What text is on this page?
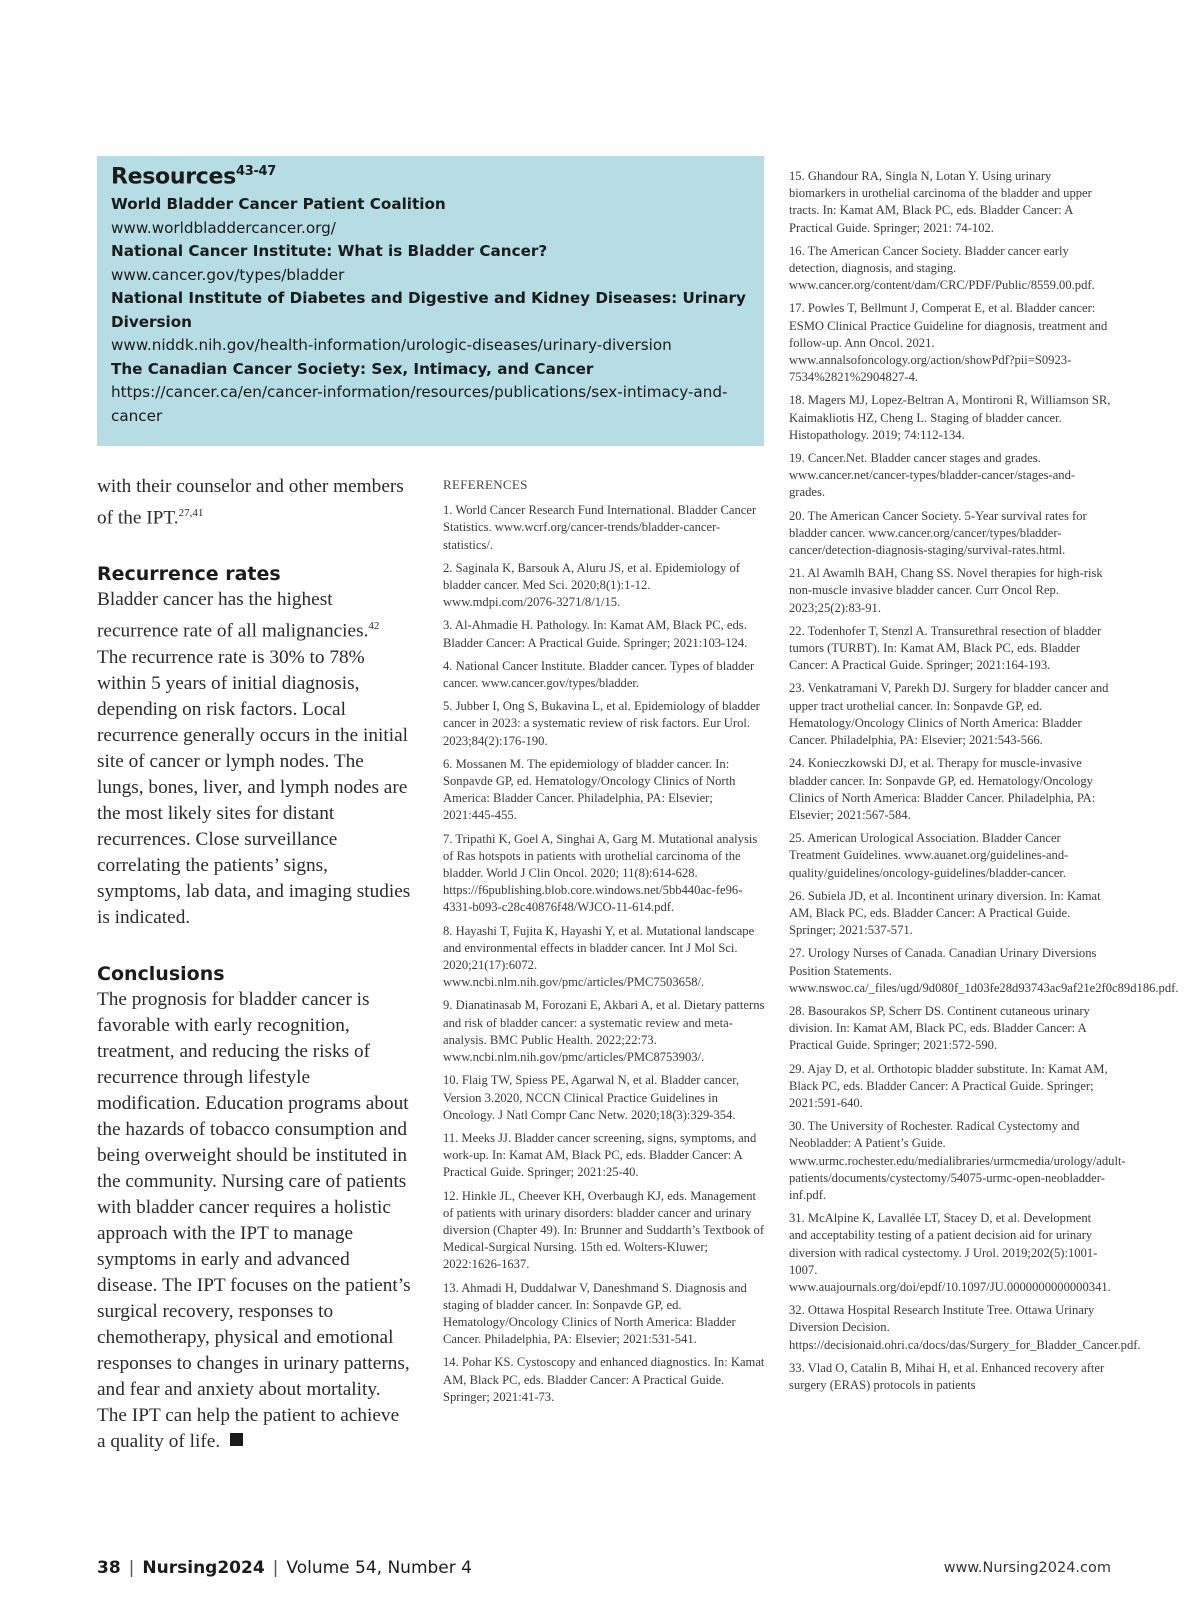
Resources$^{43-47}$
World Bladder Cancer Patient Coalition
www.worldbladdercancer.org/
National Cancer Institute: What is Bladder Cancer?
www.cancer.gov/types/bladder
National Institute of Diabetes and Digestive and Kidney Diseases: Urinary Diversion
www.niddk.nih.gov/health-information/urologic-diseases/urinary-diversion
The Canadian Cancer Society: Sex, Intimacy, and Cancer
https://cancer.ca/en/cancer-information/resources/publications/sex-intimacy-and-cancer

with their counselor and other members of the IPT.$^{27,41}$

Recurrence rates

Bladder cancer has the highest recurrence rate of all malignancies.$^{42}$ The recurrence rate is 30% to 78% within 5 years of initial diagnosis, depending on risk factors. Local recurrence generally occurs in the initial site of cancer or lymph nodes. The lungs, bones, liver, and lymph nodes are the most likely sites for distant recurrences. Close surveillance correlating the patients’ signs, symptoms, lab data, and imaging studies is indicated.

Conclusions

The prognosis for bladder cancer is favorable with early recognition, treatment, and reducing the risks of recurrence through lifestyle modification. Education programs about the hazards of tobacco consumption and being overweight should be instituted in the community. Nursing care of patients with bladder cancer requires a holistic approach with the IPT to manage symptoms in early and advanced disease. The IPT focuses on the patient’s surgical recovery, responses to chemotherapy, physical and emotional responses to changes in urinary patterns, and fear and anxiety about mortality. The IPT can help the patient to achieve a quality of life.

REFERENCES

1. World Cancer Research Fund International. Bladder Cancer Statistics. www.wcrf.org/cancer-trends/bladder-cancer-statistics/.

2. Saginala K, Barsouk A, Aluru JS, et al. Epidemiology of bladder cancer. Med Sci. 2020;8(1):1-12. www.mdpi.com/2076-3271/8/1/15.

3. Al-Ahmadie H. Pathology. In: Kamat AM, Black PC, eds. Bladder Cancer: A Practical Guide. Springer; 2021:103-124.

4. National Cancer Institute. Bladder cancer. Types of bladder cancer. www.cancer.gov/types/bladder.

5. Jubber I, Ong S, Bukavina L, et al. Epidemiology of bladder cancer in 2023: a systematic review of risk factors. Eur Urol. 2023;84(2):176-190.

6. Mossanen M. The epidemiology of bladder cancer. In: Sonpavde GP, ed. Hematology/Oncology Clinics of North America: Bladder Cancer. Philadelphia, PA: Elsevier; 2021:445-455.

7. Tripathi K, Goel A, Singhai A, Garg M. Mutational analysis of Ras hotspots in patients with urothelial carcinoma of the bladder. World J Clin Oncol. 2020; 11(8):614-628. https://f6publishing.blob.core.windows.net/5bb440ac-fe96-4331-b093-c28c40876f48/WJCO-11-614.pdf.

8. Hayashi T, Fujita K, Hayashi Y, et al. Mutational landscape and environmental effects in bladder cancer. Int J Mol Sci. 2020;21(17):6072. www.ncbi.nlm.nih.gov/pmc/articles/PMC7503658/.

9. Dianatinasab M, Forozani E, Akbari A, et al. Dietary patterns and risk of bladder cancer: a systematic review and meta-analysis. BMC Public Health. 2022;22:73. www.ncbi.nlm.nih.gov/pmc/articles/PMC8753903/.

10. Flaig TW, Spiess PE, Agarwal N, et al. Bladder cancer, Version 3.2020, NCCN Clinical Practice Guidelines in Oncology. J Natl Compr Canc Netw. 2020;18(3):329-354.

11. Meeks JJ. Bladder cancer screening, signs, symptoms, and work-up. In: Kamat AM, Black PC, eds. Bladder Cancer: A Practical Guide. Springer; 2021:25-40.

12. Hinkle JL, Cheever KH, Overbaugh KJ, eds. Management of patients with urinary disorders: bladder cancer and urinary diversion (Chapter 49). In: Brunner and Suddarth’s Textbook of Medical-Surgical Nursing. 15th ed. Wolters-Kluwer; 2022:1626-1637.

13. Ahmadi H, Duddalwar V, Daneshmand S. Diagnosis and staging of bladder cancer. In: Sonpavde GP, ed. Hematology/Oncology Clinics of North America: Bladder Cancer. Philadelphia, PA: Elsevier; 2021:531-541.

14. Pohar KS. Cystoscopy and enhanced diagnostics. In: Kamat AM, Black PC, eds. Bladder Cancer: A Practical Guide. Springer; 2021:41-73.

15. Ghandour RA, Singla N, Lotan Y. Using urinary biomarkers in urothelial carcinoma of the bladder and upper tracts. In: Kamat AM, Black PC, eds. Bladder Cancer: A Practical Guide. Springer; 2021: 74-102.

16. The American Cancer Society. Bladder cancer early detection, diagnosis, and staging. www.cancer.org/content/dam/CRC/PDF/Public/8559.00.pdf.

17. Powles T, Bellmunt J, Comperat E, et al. Bladder cancer: ESMO Clinical Practice Guideline for diagnosis, treatment and follow-up. Ann Oncol. 2021. www.annalsofoncology.org/action/showPdf?pii=S0923-7534%2821%2904827-4.

18. Magers MJ, Lopez-Beltran A, Montironi R, Williamson SR, Kaimakliotis HZ, Cheng L. Staging of bladder cancer. Histopathology. 2019; 74:112-134.

19. Cancer.Net. Bladder cancer stages and grades. www.cancer.net/cancer-types/bladder-cancer/stages-and-grades.

20. The American Cancer Society. 5-Year survival rates for bladder cancer. www.cancer.org/cancer/types/bladder-cancer/detection-diagnosis-staging/survival-rates.html.

21. Al Awamlh BAH, Chang SS. Novel therapies for high-risk non-muscle invasive bladder cancer. Curr Oncol Rep. 2023;25(2):83-91.

22. Todenhofer T, Stenzl A. Transurethral resection of bladder tumors (TURBT). In: Kamat AM, Black PC, eds. Bladder Cancer: A Practical Guide. Springer; 2021:164-193.

23. Venkatramani V, Parekh DJ. Surgery for bladder cancer and upper tract urothelial cancer. In: Sonpavde GP, ed. Hematology/Oncology Clinics of North America: Bladder Cancer. Philadelphia, PA: Elsevier; 2021:543-566.

24. Konieczkowski DJ, et al. Therapy for muscle-invasive bladder cancer. In: Sonpavde GP, ed. Hematology/Oncology Clinics of North America: Bladder Cancer. Philadelphia, PA: Elsevier; 2021:567-584.

25. American Urological Association. Bladder Cancer Treatment Guidelines. www.auanet.org/guidelines-and-quality/guidelines/oncology-guidelines/bladder-cancer.

26. Subiela JD, et al. Incontinent urinary diversion. In: Kamat AM, Black PC, eds. Bladder Cancer: A Practical Guide. Springer; 2021:537-571.

27. Urology Nurses of Canada. Canadian Urinary Diversions Position Statements. www.nswoc.ca/_files/ugd/9d080f_1d03fe28d93743ac9af21e2f0c89d186.pdf.

28. Basourakos SP, Scherr DS. Continent cutaneous urinary division. In: Kamat AM, Black PC, eds. Bladder Cancer: A Practical Guide. Springer; 2021:572-590.

29. Ajay D, et al. Orthotopic bladder substitute. In: Kamat AM, Black PC, eds. Bladder Cancer: A Practical Guide. Springer; 2021:591-640.

30. The University of Rochester. Radical Cystectomy and Neobladder: A Patient’s Guide. www.urmc.rochester.edu/medialibraries/urmcmedia/urology/adult-patients/documents/cystectomy/54075-urmc-open-neobladder-inf.pdf.

31. McAlpine K, Lavallée LT, Stacey D, et al. Development and acceptability testing of a patient decision aid for urinary diversion with radical cystectomy. J Urol. 2019;202(5):1001-1007. www.auajournals.org/doi/epdf/10.1097/JU.0000000000000341.

32. Ottawa Hospital Research Institute Tree. Ottawa Urinary Diversion Decision. https://decisionaid.ohri.ca/docs/das/Surgery_for_Bladder_Cancer.pdf.

33. Vlad O, Catalin B, Mihai H, et al. Enhanced recovery after surgery (ERAS) protocols in patients

38 | Nursing2024 | Volume 54, Number 4	www.Nursing2024.com
